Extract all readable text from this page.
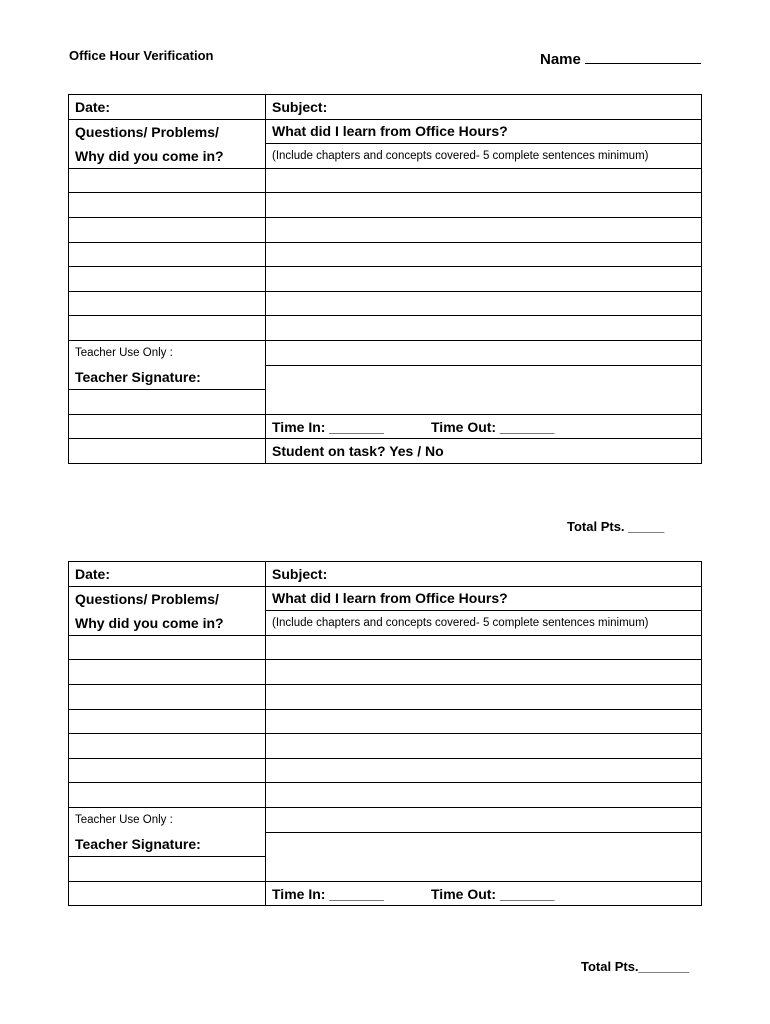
Office Hour Verification	Name
Date:	Subject:
Questions/ Problems/	What did I learn from Office Hours?
Why did you come in?	(Include chapters and concepts covered- 5 complete sentences minimum)

Teacher Use Only :	
Teacher Signature:	

	Time In: _______ Time Out: _______
	Student on task? Yes / No
Total Pts. _____
Date:	Subject:
Questions/ Problems/	What did I learn from Office Hours?
Why did you come in?	(Include chapters and concepts covered- 5 complete sentences minimum)

Teacher Use Only :	
Teacher Signature:	

	Time In: _______ Time Out: _______
Total Pts._______
